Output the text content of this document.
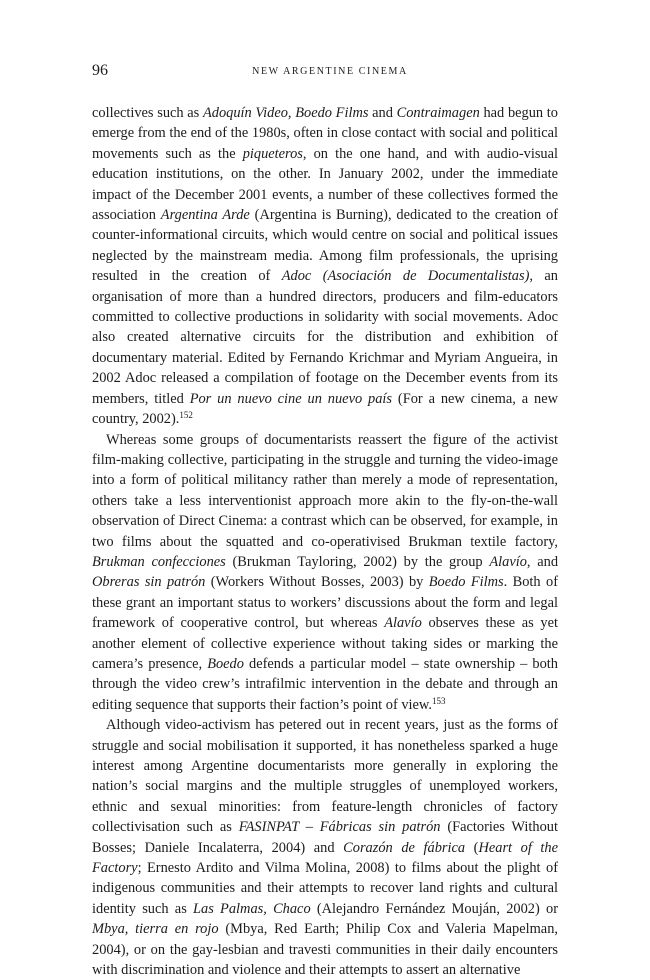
96	NEW ARGENTINE CINEMA

collectives such as Adoquín Video, Boedo Films and Contraimagen had begun to emerge from the end of the 1980s, often in close contact with social and political movements such as the piqueteros, on the one hand, and with audio-visual education institutions, on the other. In January 2002, under the immediate impact of the December 2001 events, a number of these collectives formed the association Argentina Arde (Argentina is Burning), dedicated to the creation of counter-informational circuits, which would centre on social and political issues neglected by the mainstream media. Among film professionals, the uprising resulted in the creation of Adoc (Asociación de Documentalistas), an organisation of more than a hundred directors, producers and film-educators committed to collective productions in solidarity with social movements. Adoc also created alternative circuits for the distribution and exhibition of documentary material. Edited by Fernando Krichmar and Myriam Angueira, in 2002 Adoc released a compilation of footage on the December events from its members, titled Por un nuevo cine un nuevo país (For a new cinema, a new country, 2002).$^{152}$

Whereas some groups of documentarists reassert the figure of the activist film-making collective, participating in the struggle and turning the video-image into a form of political militancy rather than merely a mode of representation, others take a less interventionist approach more akin to the fly-on-the-wall observation of Direct Cinema: a contrast which can be observed, for example, in two films about the squatted and co-operativised Brukman textile factory, Brukman confecciones (Brukman Tayloring, 2002) by the group Alavío, and Obreras sin patrón (Workers Without Bosses, 2003) by Boedo Films. Both of these grant an important status to workers’ discussions about the form and legal framework of cooperative control, but whereas Alavío observes these as yet another element of collective experience without taking sides or marking the camera’s presence, Boedo defends a particular model – state ownership – both through the video crew’s intrafilmic intervention in the debate and through an editing sequence that supports their faction’s point of view.$^{153}$

Although video-activism has petered out in recent years, just as the forms of struggle and social mobilisation it supported, it has nonetheless sparked a huge interest among Argentine documentarists more generally in exploring the nation’s social margins and the multiple struggles of unemployed workers, ethnic and sexual minorities: from feature-length chronicles of factory collectivisation such as FASINPAT – Fábricas sin patrón (Factories Without Bosses; Daniele Incalaterra, 2004) and Corazón de fábrica (Heart of the Factory; Ernesto Ardito and Vilma Molina, 2008) to films about the plight of indigenous communities and their attempts to recover land rights and cultural identity such as Las Palmas, Chaco (Alejandro Fernández Mouján, 2002) or Mbya, tierra en rojo (Mbya, Red Earth; Philip Cox and Valeria Mapelman, 2004), or on the gay-lesbian and travesti communities in their daily encounters with discrimination and violence and their attempts to assert an alternative
